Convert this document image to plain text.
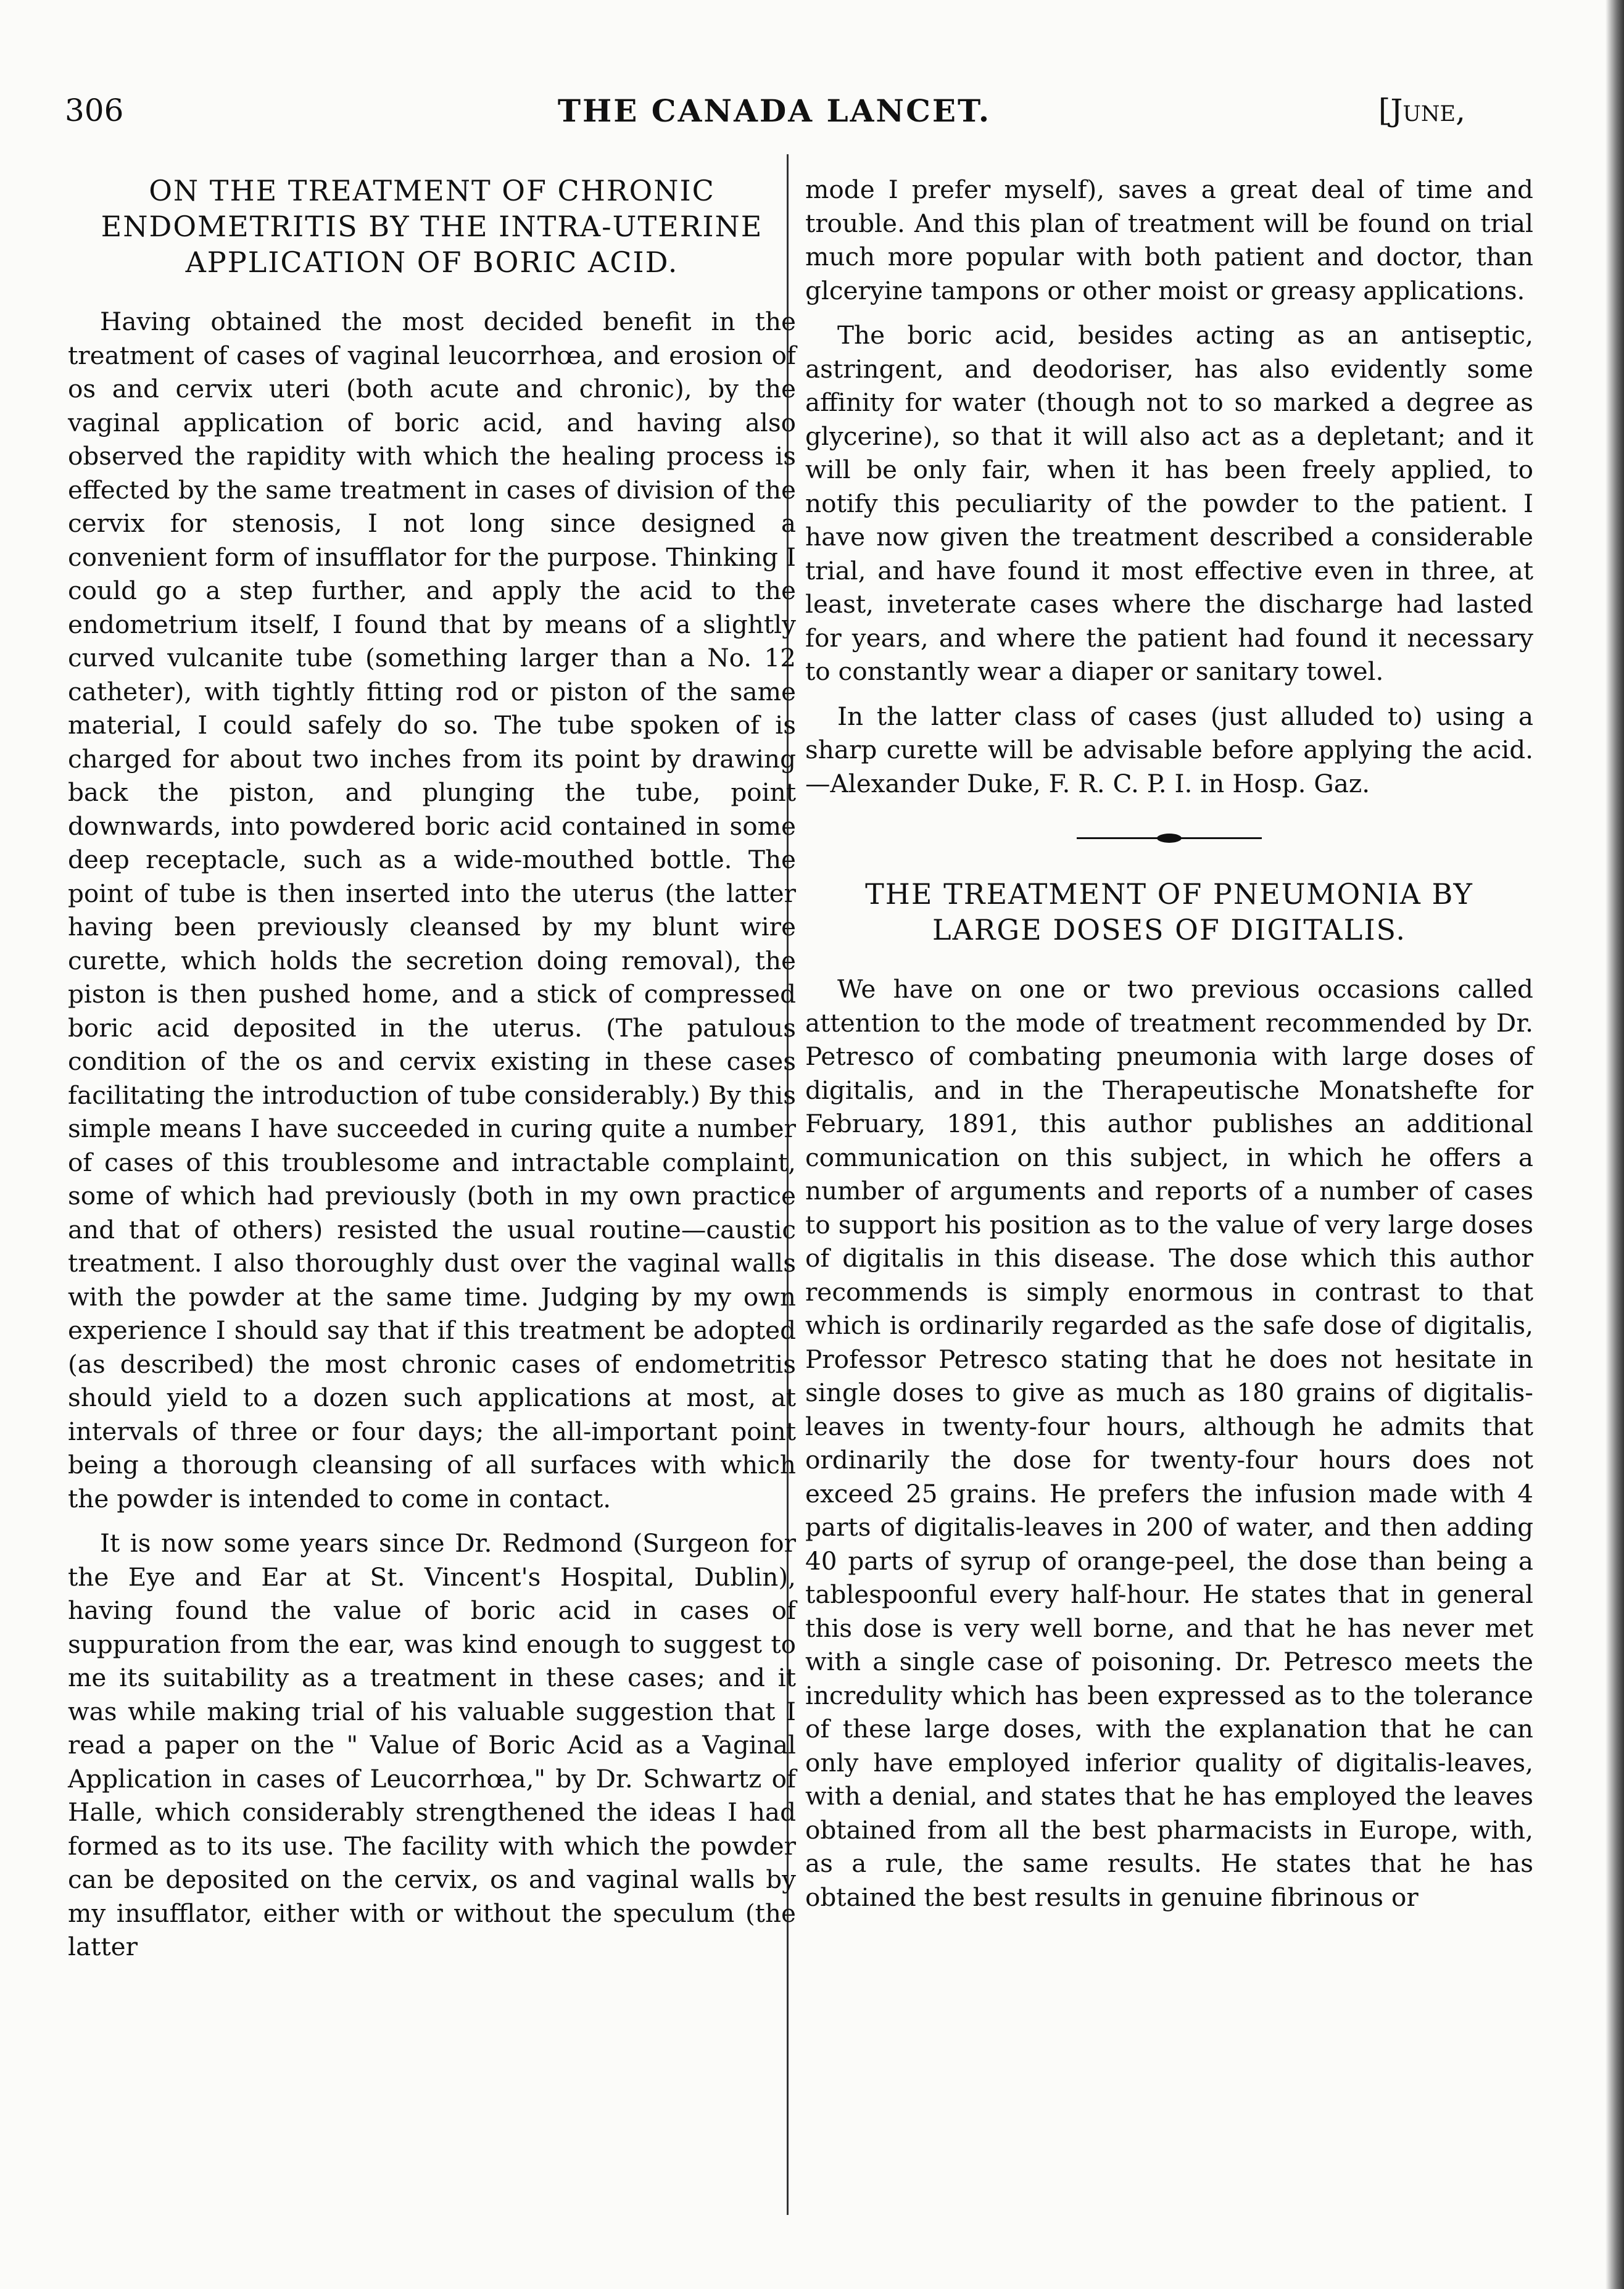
306	THE CANADA LANCET.	[June,
ON THE TREATMENT OF CHRONIC ENDOMETRITIS BY THE INTRA-UTERINE APPLICATION OF BORIC ACID.

Having obtained the most decided benefit in the treatment of cases of vaginal leucorrhœa, and erosion of os and cervix uteri (both acute and chronic), by the vaginal application of boric acid, and having also observed the rapidity with which the healing process is effected by the same treatment in cases of division of the cervix for stenosis, I not long since designed a convenient form of insufflator for the purpose. Thinking I could go a step further, and apply the acid to the endometrium itself, I found that by means of a slightly curved vulcanite tube (something larger than a No. 12 catheter), with tightly fitting rod or piston of the same material, I could safely do so. The tube spoken of is charged for about two inches from its point by drawing back the piston, and plunging the tube, point downwards, into powdered boric acid contained in some deep receptacle, such as a wide-mouthed bottle. The point of tube is then inserted into the uterus (the latter having been previously cleansed by my blunt wire curette, which holds the secretion doing removal), the piston is then pushed home, and a stick of compressed boric acid deposited in the uterus. (The patulous condition of the os and cervix existing in these cases facilitating the introduction of tube considerably.) By this simple means I have succeeded in curing quite a number of cases of this troublesome and intractable complaint, some of which had previously (both in my own practice and that of others) resisted the usual routine—caustic treatment. I also thoroughly dust over the vaginal walls with the powder at the same time. Judging by my own experience I should say that if this treatment be adopted (as described) the most chronic cases of endometritis should yield to a dozen such applications at most, at intervals of three or four days; the all-important point being a thorough cleansing of all surfaces with which the powder is intended to come in contact.

It is now some years since Dr. Redmond (Surgeon for the Eye and Ear at St. Vincent's Hospital, Dublin), having found the value of boric acid in cases of suppuration from the ear, was kind enough to suggest to me its suitability as a treatment in these cases; and it was while making trial of his valuable suggestion that I read a paper on the " Value of Boric Acid as a Vaginal Application in cases of Leucorrhœa," by Dr. Schwartz of Halle, which considerably strengthened the ideas I had formed as to its use. The facility with which the powder can be deposited on the cervix, os and vaginal walls by my insufflator, either with or without the speculum (the latter

mode I prefer myself), saves a great deal of time and trouble. And this plan of treatment will be found on trial much more popular with both patient and doctor, than glceryine tampons or other moist or greasy applications.

The boric acid, besides acting as an antiseptic, astringent, and deodoriser, has also evidently some affinity for water (though not to so marked a degree as glycerine), so that it will also act as a depletant; and it will be only fair, when it has been freely applied, to notify this peculiarity of the powder to the patient. I have now given the treatment described a considerable trial, and have found it most effective even in three, at least, inveterate cases where the discharge had lasted for years, and where the patient had found it necessary to constantly wear a diaper or sanitary towel.

In the latter class of cases (just alluded to) using a sharp curette will be advisable before applying the acid.—Alexander Duke, F. R. C. P. I. in Hosp. Gaz.

THE TREATMENT OF PNEUMONIA BY LARGE DOSES OF DIGITALIS.

We have on one or two previous occasions called attention to the mode of treatment recommended by Dr. Petresco of combating pneumonia with large doses of digitalis, and in the Therapeutische Monatshefte for February, 1891, this author publishes an additional communication on this subject, in which he offers a number of arguments and reports of a number of cases to support his position as to the value of very large doses of digitalis in this disease. The dose which this author recommends is simply enormous in contrast to that which is ordinarily regarded as the safe dose of digitalis, Professor Petresco stating that he does not hesitate in single doses to give as much as 180 grains of digitalis-leaves in twenty-four hours, although he admits that ordinarily the dose for twenty-four hours does not exceed 25 grains. He prefers the infusion made with 4 parts of digitalis-leaves in 200 of water, and then adding 40 parts of syrup of orange-peel, the dose than being a tablespoonful every half-hour. He states that in general this dose is very well borne, and that he has never met with a single case of poisoning. Dr. Petresco meets the incredulity which has been expressed as to the tolerance of these large doses, with the explanation that he can only have employed inferior quality of digitalis-leaves, with a denial, and states that he has employed the leaves obtained from all the best pharmacists in Europe, with, as a rule, the same results. He states that he has obtained the best results in genuine fibrinous or
